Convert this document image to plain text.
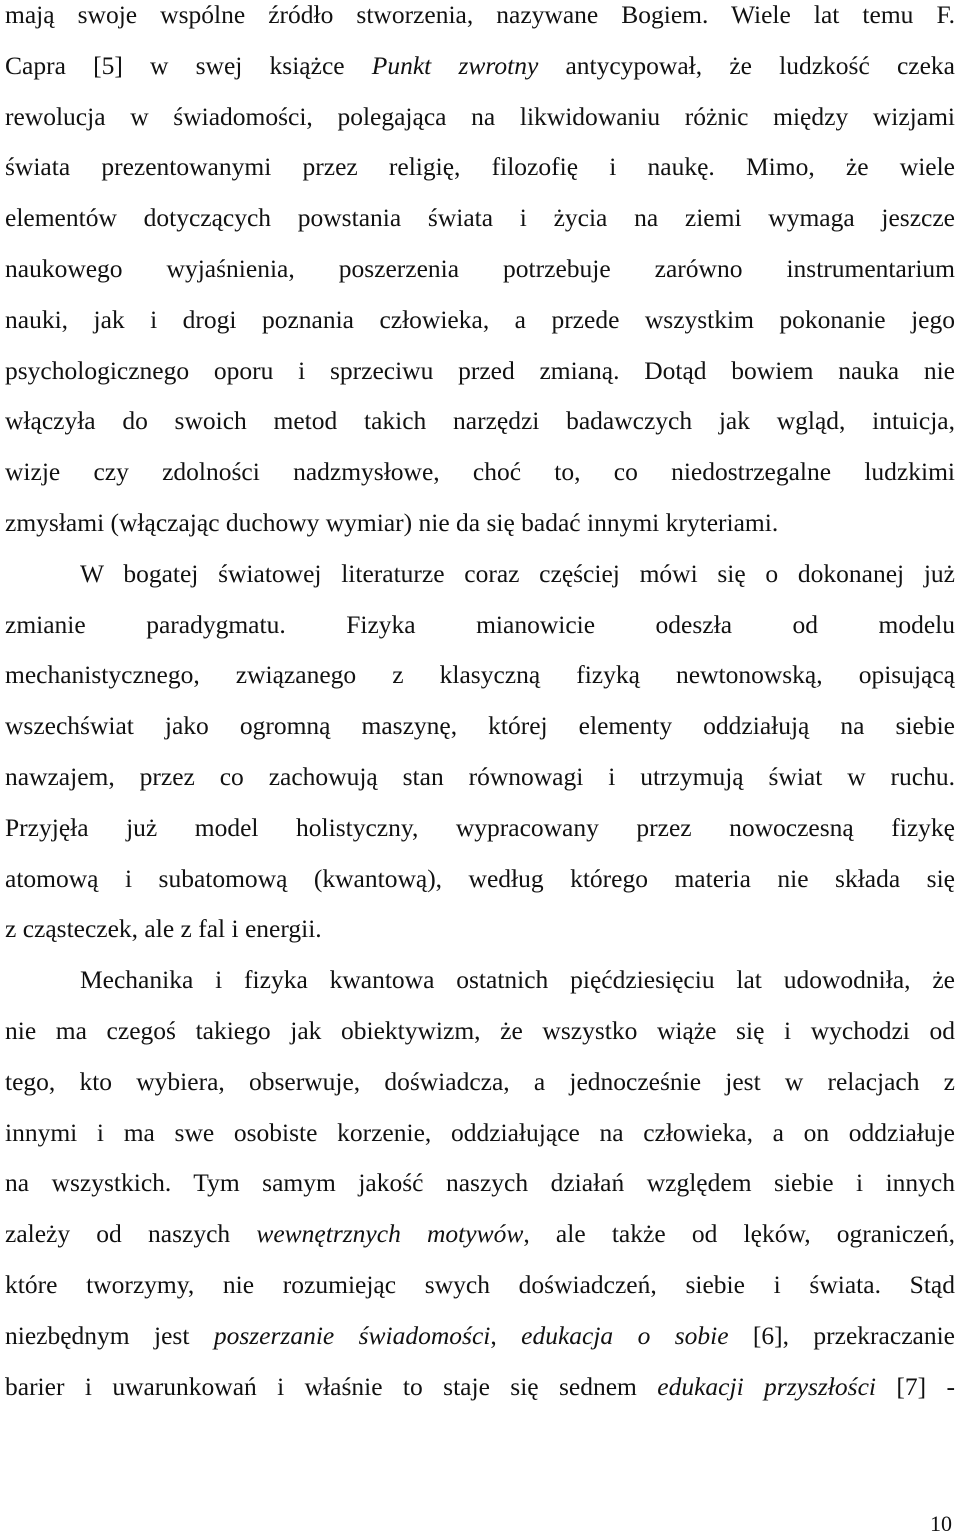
mają swoje wspólne źródło stworzenia, nazywane Bogiem. Wiele lat temu F.
Capra [5] w swej książce Punkt zwrotny antycypował, że ludzkość czeka
rewolucja w świadomości, polegająca na likwidowaniu różnic między wizjami
świata prezentowanymi przez religię, filozofię i naukę. Mimo, że wiele
elementów dotyczących powstania świata i życia na ziemi wymaga jeszcze
naukowego wyjaśnienia, poszerzenia potrzebuje zarówno instrumentarium
nauki, jak i drogi poznania człowieka, a przede wszystkim pokonanie jego
psychologicznego oporu i sprzeciwu przed zmianą. Dotąd bowiem nauka nie
włączyła do swoich metod takich narzędzi badawczych jak wgląd, intuicja,
wizje czy zdolności nadzmysłowe, choć to, co niedostrzegalne ludzkimi
zmysłami (włączając duchowy wymiar) nie da się badać innymi kryteriami.
W bogatej światowej literaturze coraz częściej mówi się o dokonanej już
zmianie paradygmatu. Fizyka mianowicie odeszła od modelu
mechanistycznego, związanego z klasyczną fizyką newtonowską, opisującą
wszechświat jako ogromną maszynę, której elementy oddziałują na siebie
nawzajem, przez co zachowują stan równowagi i utrzymują świat w ruchu.
Przyjęła już model holistyczny, wypracowany przez nowoczesną fizykę
atomową i subatomową (kwantową), według którego materia nie składa się
z cząsteczek, ale z fal i energii.
Mechanika i fizyka kwantowa ostatnich pięćdziesięciu lat udowodniła, że
nie ma czegoś takiego jak obiektywizm, że wszystko wiąże się i wychodzi od
tego, kto wybiera, obserwuje, doświadcza, a jednocześnie jest w relacjach z
innymi i ma swe osobiste korzenie, oddziałujące na człowieka, a on oddziałuje
na wszystkich. Tym samym jakość naszych działań względem siebie i innych
zależy od naszych wewnętrznych motywów, ale także od lęków, ograniczeń,
które tworzymy, nie rozumiejąc swych doświadczeń, siebie i świata. Stąd
niezbędnym jest poszerzanie świadomości, edukacja o sobie [6], przekraczanie
barier i uwarunkowań i właśnie to staje się sednem edukacji przyszłości [7] -
10
